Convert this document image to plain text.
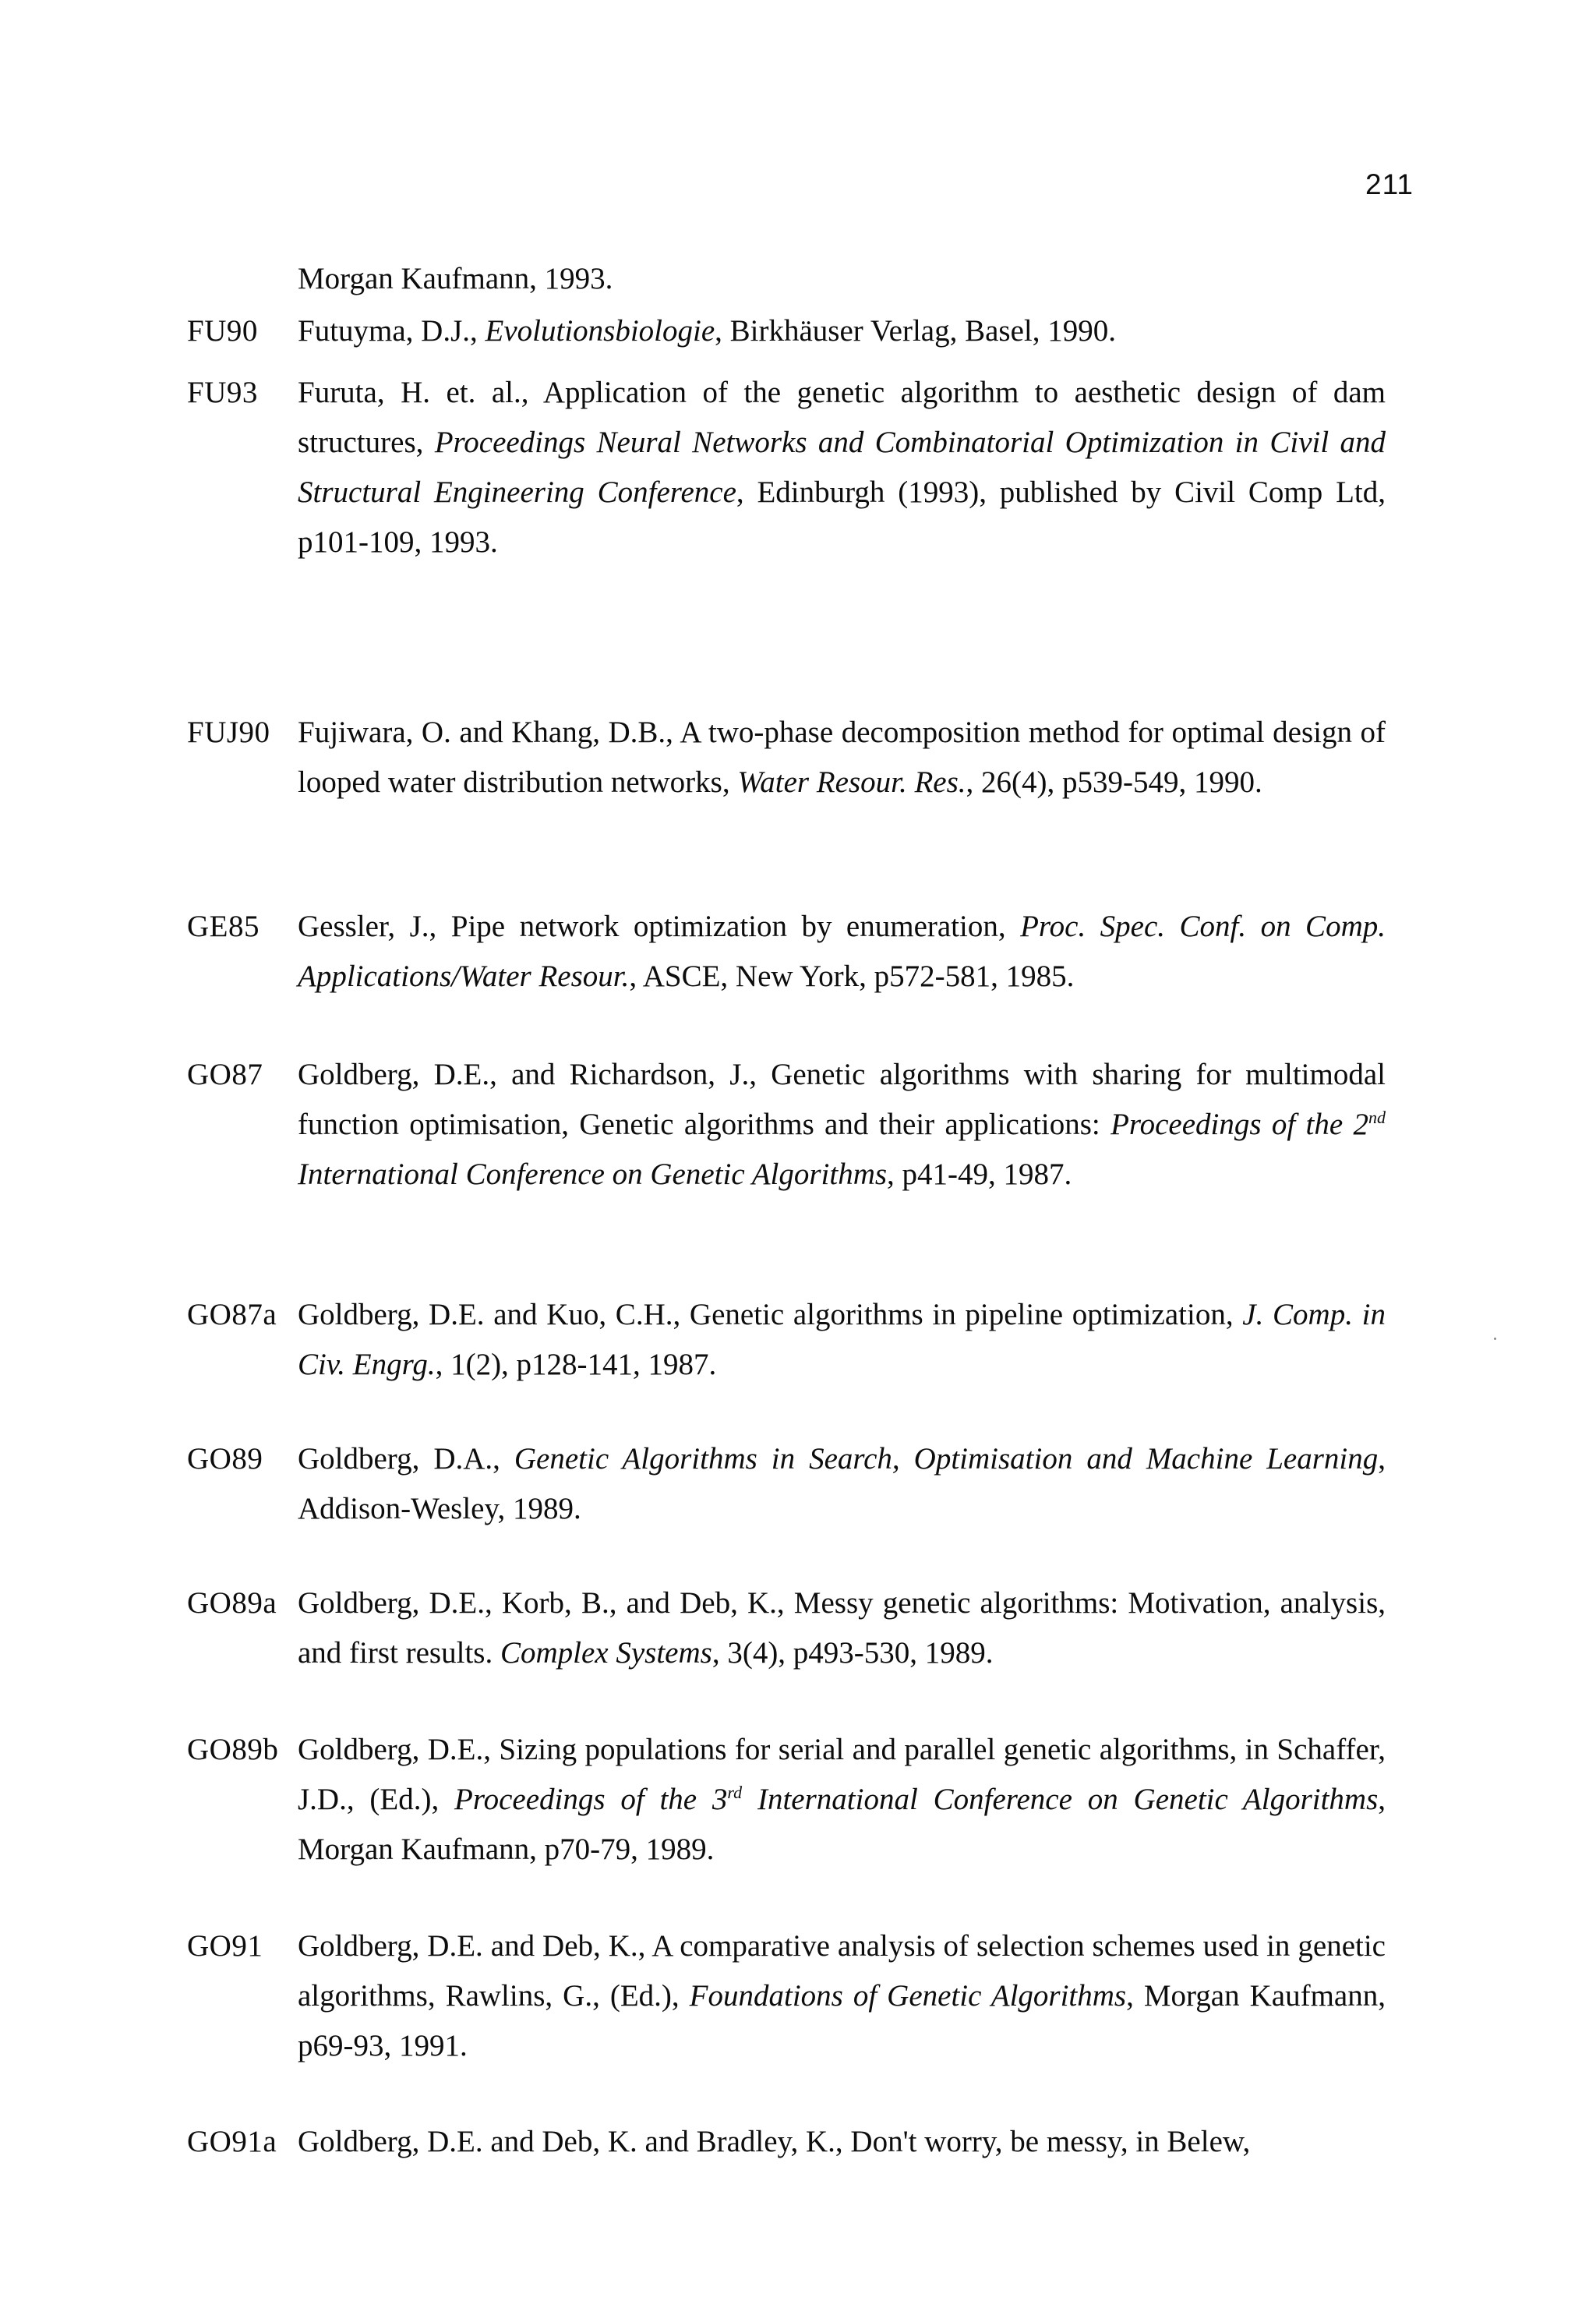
211
Morgan Kaufmann, 1993.
FU90 Futuyma, D.J., Evolutionsbiologie, Birkhäuser Verlag, Basel, 1990.
FU93 Furuta, H. et. al., Application of the genetic algorithm to aesthetic design of dam structures, Proceedings Neural Networks and Combinatorial Optimization in Civil and Structural Engineering Conference, Edinburgh (1993), published by Civil Comp Ltd, p101-109, 1993.
FUJ90 Fujiwara, O. and Khang, D.B., A two-phase decomposition method for optimal design of looped water distribution networks, Water Resour. Res., 26(4), p539-549, 1990.
GE85 Gessler, J., Pipe network optimization by enumeration, Proc. Spec. Conf. on Comp. Applications/Water Resour., ASCE, New York, p572-581, 1985.
GO87 Goldberg, D.E., and Richardson, J., Genetic algorithms with sharing for multimodal function optimisation, Genetic algorithms and their applications: Proceedings of the 2nd International Conference on Genetic Algorithms, p41-49, 1987.
GO87a Goldberg, D.E. and Kuo, C.H., Genetic algorithms in pipeline optimization, J. Comp. in Civ. Engrg., 1(2), p128-141, 1987.
GO89 Goldberg, D.A., Genetic Algorithms in Search, Optimisation and Machine Learning, Addison-Wesley, 1989.
GO89a Goldberg, D.E., Korb, B., and Deb, K., Messy genetic algorithms: Motivation, analysis, and first results. Complex Systems, 3(4), p493-530, 1989.
GO89b Goldberg, D.E., Sizing populations for serial and parallel genetic algorithms, in Schaffer, J.D., (Ed.), Proceedings of the 3rd International Conference on Genetic Algorithms, Morgan Kaufmann, p70-79, 1989.
GO91 Goldberg, D.E. and Deb, K., A comparative analysis of selection schemes used in genetic algorithms, Rawlins, G., (Ed.), Foundations of Genetic Algorithms, Morgan Kaufmann, p69-93, 1991.
GO91a Goldberg, D.E. and Deb, K. and Bradley, K., Don't worry, be messy, in Belew,
